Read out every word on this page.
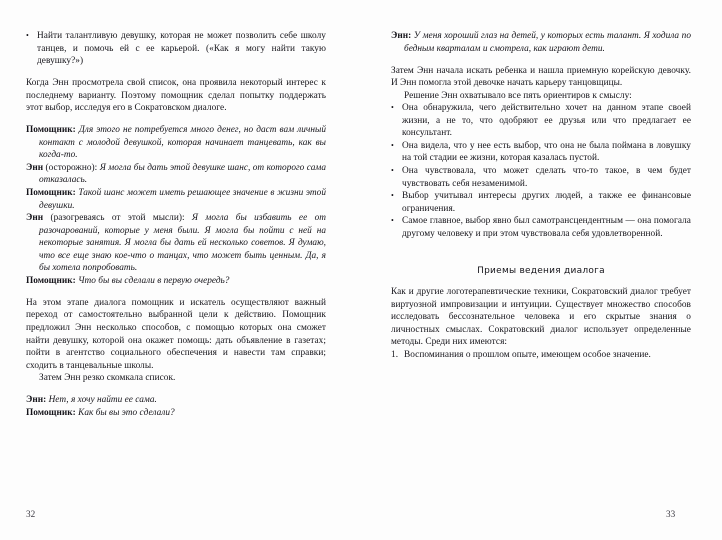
• Найти талантливую девушку, которая не может позволить себе школу танцев, и помочь ей с ее карьерой. («Как я могу найти такую девушку?»)

Когда Энн просмотрела свой список, она проявила некоторый интерес к последнему варианту. Поэтому помощник сделал попытку поддержать этот выбор, исследуя его в Сократовском диалоге.

Помощник: Для этого не потребуется много денег, но даст вам личный контакт с молодой девушкой, которая начинает танцевать, как вы когда-то.

Энн (осторожно): Я могла бы дать этой девушке шанс, от которого сама отказалась.

Помощник: Такой шанс может иметь решающее значение в жизни этой девушки.

Энн (разогреваясь от этой мысли): Я могла бы избавить ее от разочарований, которые у меня были. Я могла бы пойти с ней на некоторые занятия. Я могла бы дать ей несколько советов. Я думаю, что все еще знаю кое-что о танцах, что может быть ценным. Да, я бы хотела попробовать.

Помощник: Что бы вы сделали в первую очередь?

На этом этапе диалога помощник и искатель осуществляют важный переход от самостоятельно выбранной цели к действию. Помощник предложил Энн несколько способов, с помощью которых она сможет найти девушку, которой она окажет помощь: дать объявление в газетах; пойти в агентство социального обеспечения и навести там справки; сходить в танцевальные школы.

Затем Энн резко скомкала список.

Энн: Нет, я хочу найти ее сама.

Помощник: Как бы вы это сделали?

Энн: У меня хороший глаз на детей, у которых есть талант. Я ходила по бедным кварталам и смотрела, как играют дети.

Затем Энн начала искать ребенка и нашла приемную корейскую девочку. И Энн помогла этой девочке начать карьеру танцовщицы.

Решение Энн охватывало все пять ориентиров к смыслу:

• Она обнаружила, чего действительно хочет на данном этапе своей жизни, а не то, что одобряют ее друзья или что предлагает ее консультант.
• Она видела, что у нее есть выбор, что она не была поймана в ловушку на той стадии ее жизни, которая казалась пустой.
• Она чувствовала, что может сделать что-то такое, в чем будет чувствовать себя незаменимой.
• Выбор учитывал интересы других людей, а также ее финансовые ограничения.
• Самое главное, выбор явно был самотрансцендентным — она помогала другому человеку и при этом чувствовала себя удовлетворенной.
Приемы ведения диалога

Как и другие логотерапевтические техники, Сократовский диалог требует виртуозной импровизации и интуиции. Существует множество способов исследовать бессознательное человека и его скрытые знания о личностных смыслах. Сократовский диалог использует определенные методы. Среди них имеются:

1. Воспоминания о прошлом опыте, имеющем особое значение.
32	33
